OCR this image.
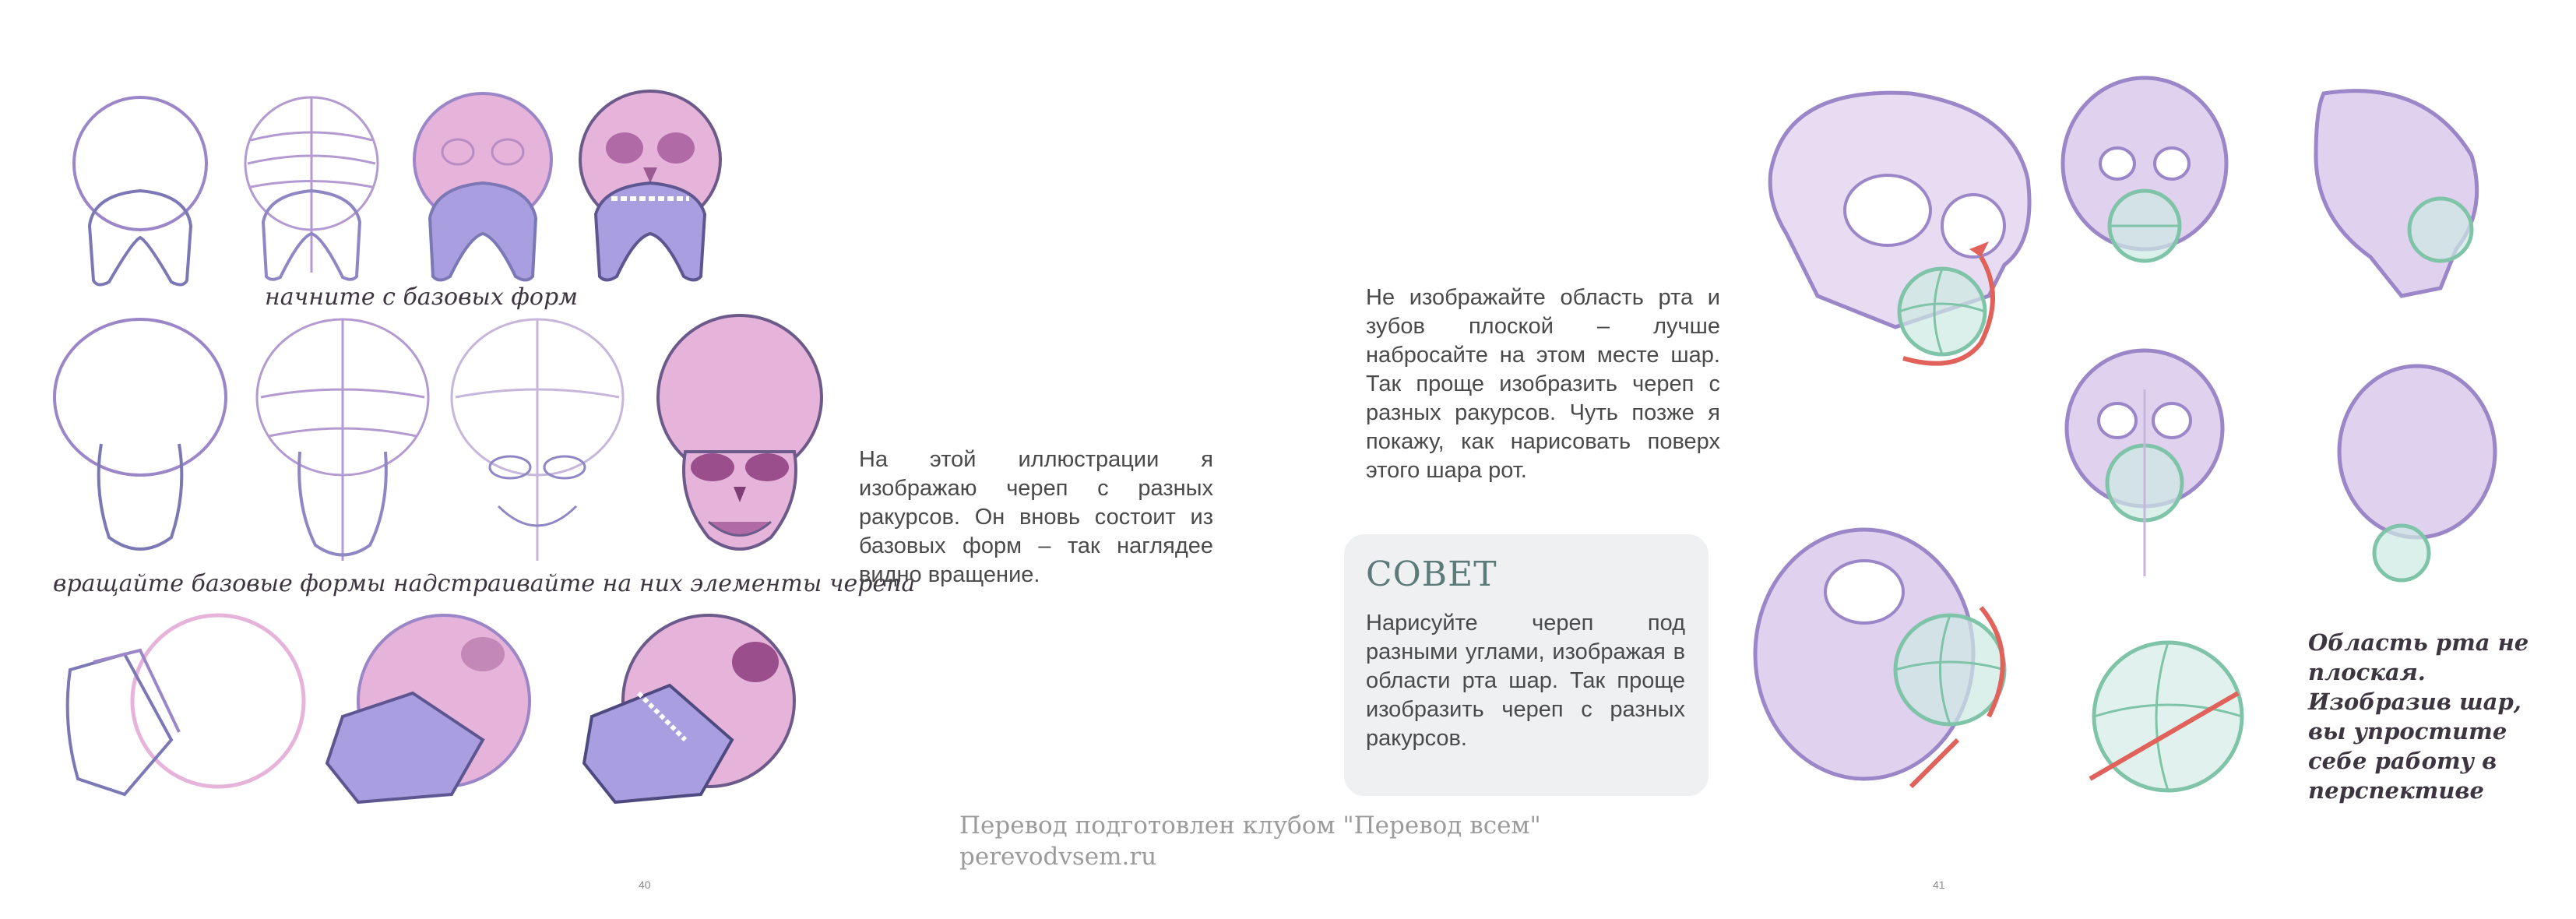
начните с базовых форм
вращайте базовые формы надстраивайте на них элементы черепа
На этой иллюстрации я изображаю череп с разных ракурсов. Он вновь состоит из базовых форм – так наглядее видно вращение.
40
Не изображайте область рта и зубов плоской – лучше набросайте на этом месте шар. Так проще изобразить череп с разных ракурсов. Чуть позже я покажу, как нарисовать поверх этого шара рот.
СОВЕТ
Нарисуйте череп под разными углами, изображая в области рта шар. Так проще изобразить череп с разных ракурсов.
Область рта не плоская. Изобразив шар, вы упростите себе работу в перспективе
41
Перевод подготовлен клубом "Перевод всем"
perevodvsem.ru
